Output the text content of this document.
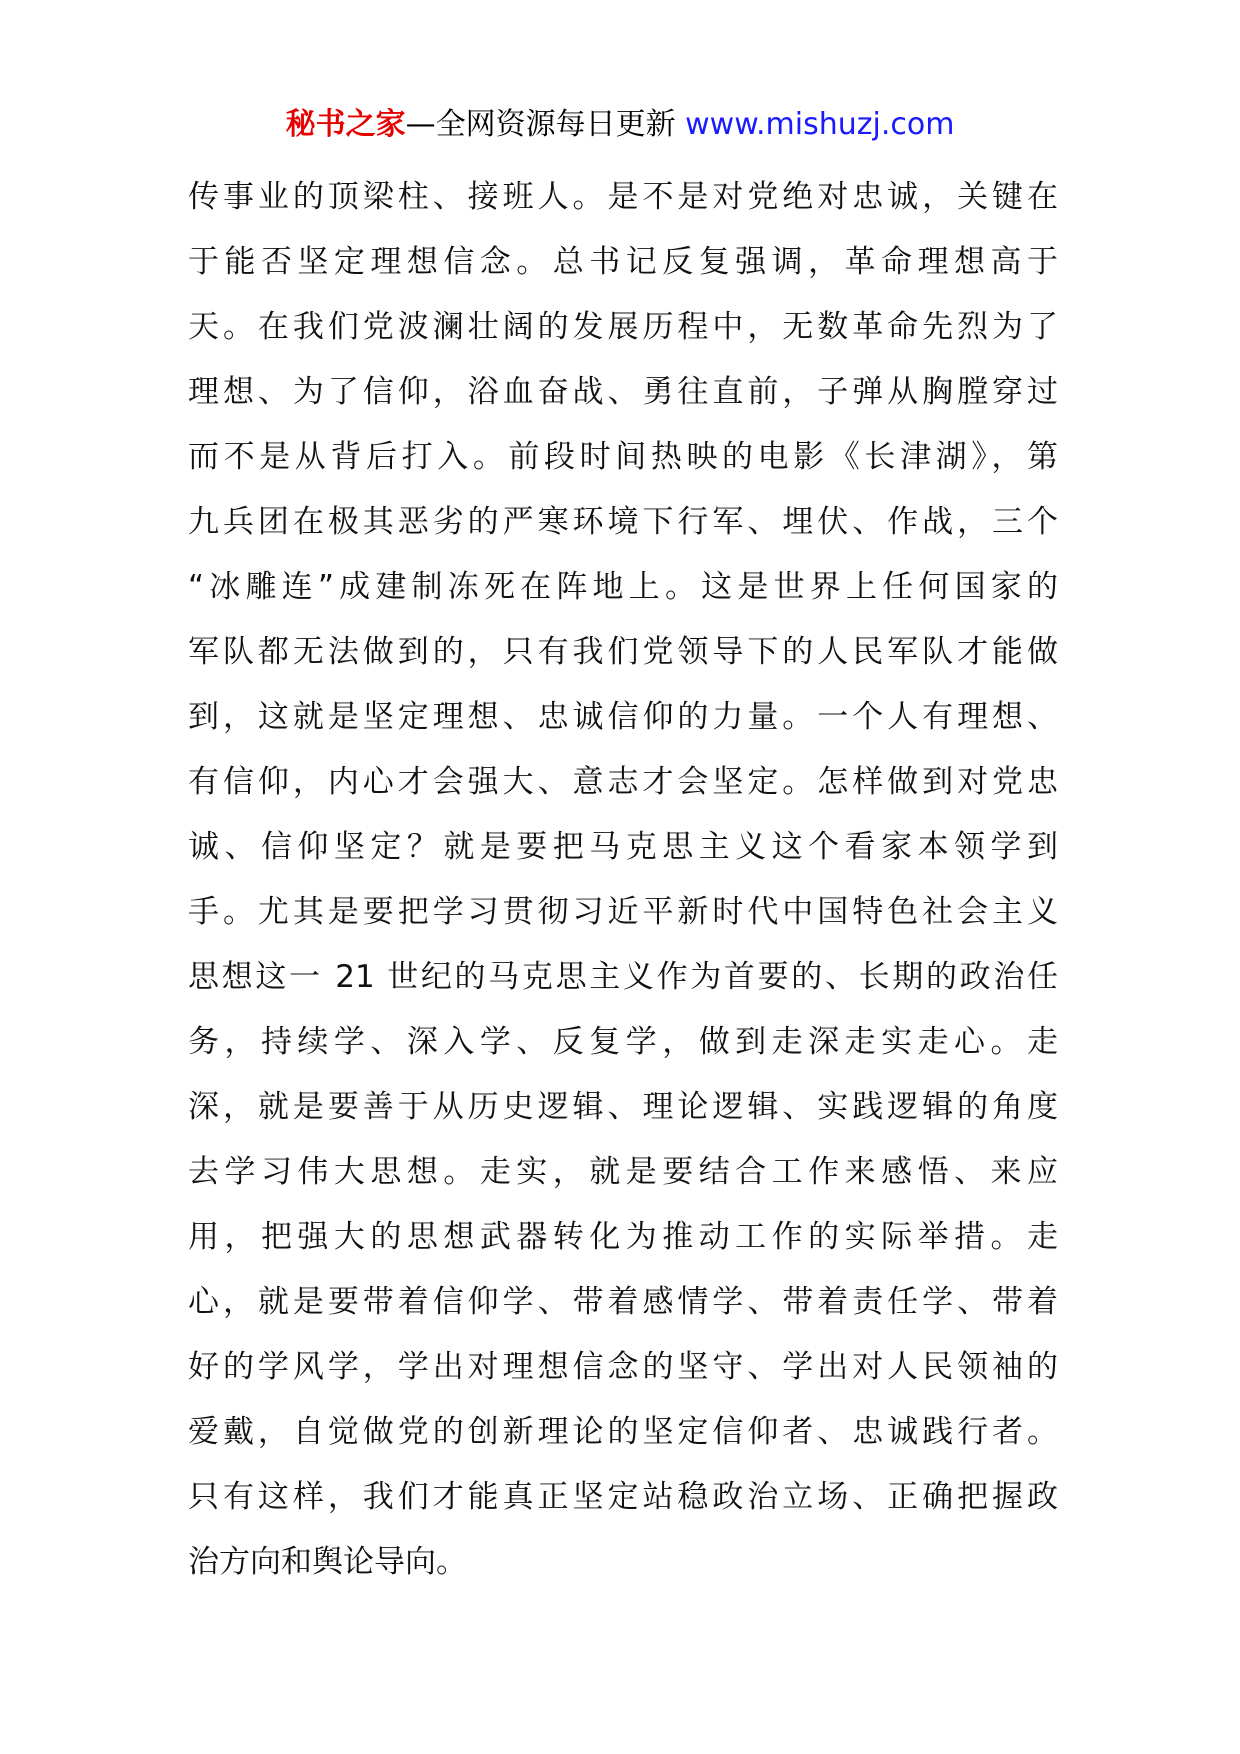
秘书之家—全网资源每日更新 www.mishuzj.com
传事业的顶梁柱、接班人。是不是对党绝对忠诚，关键在
于能否坚定理想信念。总书记反复强调，革命理想高于
天。在我们党波澜壮阔的发展历程中，无数革命先烈为了
理想、为了信仰，浴血奋战、勇往直前，子弹从胸膛穿过
而不是从背后打入。前段时间热映的电影《长津湖》，第
九兵团在极其恶劣的严寒环境下行军、埋伏、作战，三个
“冰雕连”成建制冻死在阵地上。这是世界上任何国家的
军队都无法做到的，只有我们党领导下的人民军队才能做
到，这就是坚定理想、忠诚信仰的力量。一个人有理想、
有信仰，内心才会强大、意志才会坚定。怎样做到对党忠
诚、信仰坚定？就是要把马克思主义这个看家本领学到
手。尤其是要把学习贯彻习近平新时代中国特色社会主义
思想这一 21 世纪的马克思主义作为首要的、长期的政治任
务，持续学、深入学、反复学，做到走深走实走心。走
深，就是要善于从历史逻辑、理论逻辑、实践逻辑的角度
去学习伟大思想。走实，就是要结合工作来感悟、来应
用，把强大的思想武器转化为推动工作的实际举措。走
心，就是要带着信仰学、带着感情学、带着责任学、带着
好的学风学，学出对理想信念的坚守、学出对人民领袖的
爱戴，自觉做党的创新理论的坚定信仰者、忠诚践行者。
只有这样，我们才能真正坚定站稳政治立场、正确把握政
治方向和舆论导向。
